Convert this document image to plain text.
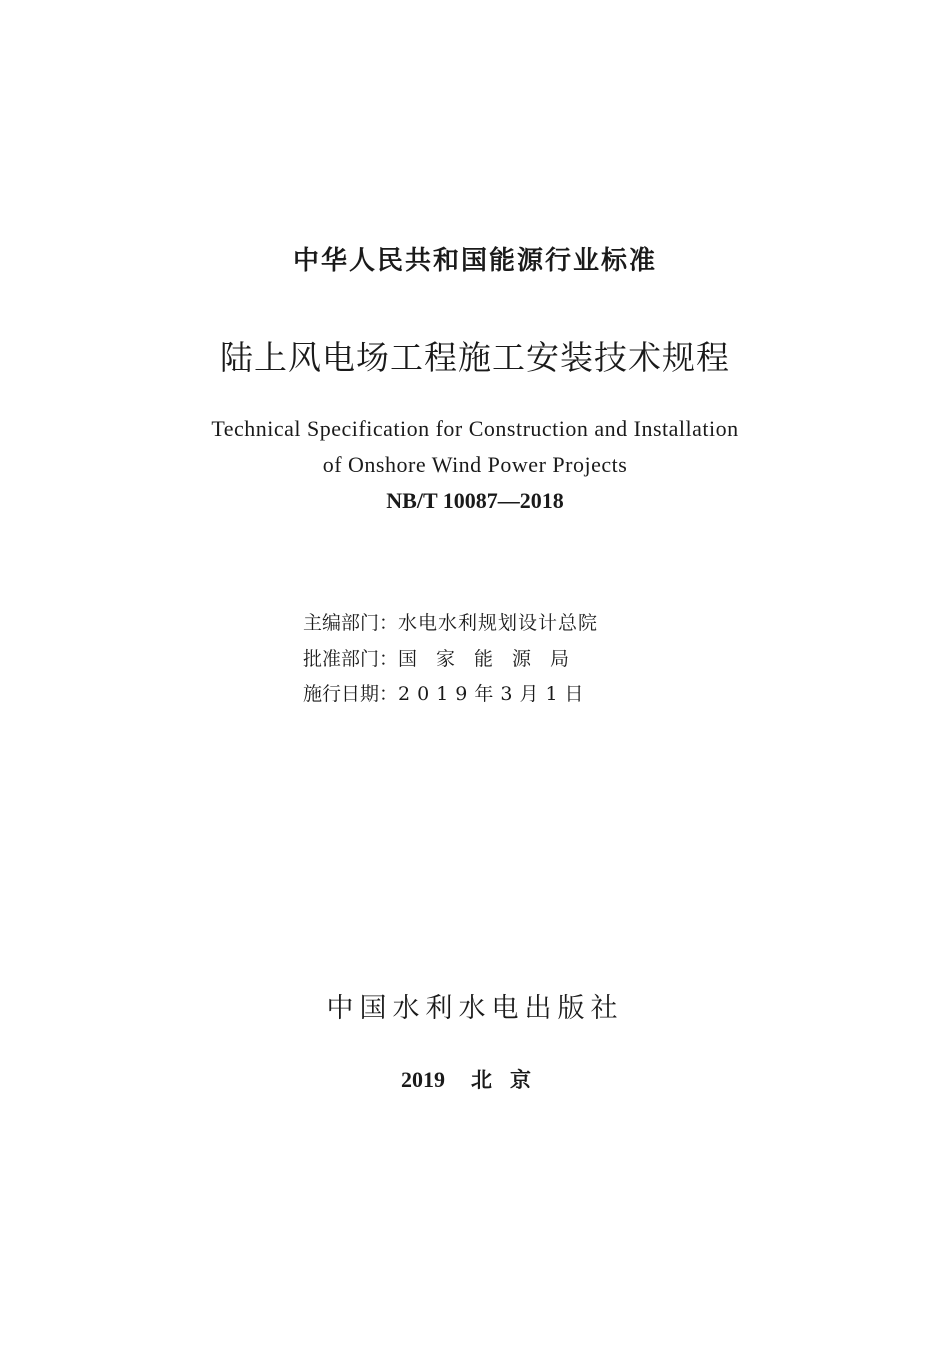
中华人民共和国能源行业标准
陆上风电场工程施工安装技术规程
Technical Specification for Construction and Installation
of Onshore Wind Power Projects
NB/T 10087—2018
主编部门：水电水利规划设计总院
批准部门：国家能源局
施行日期：2019年3月1日
中国水利水电出版社
2019 北京
